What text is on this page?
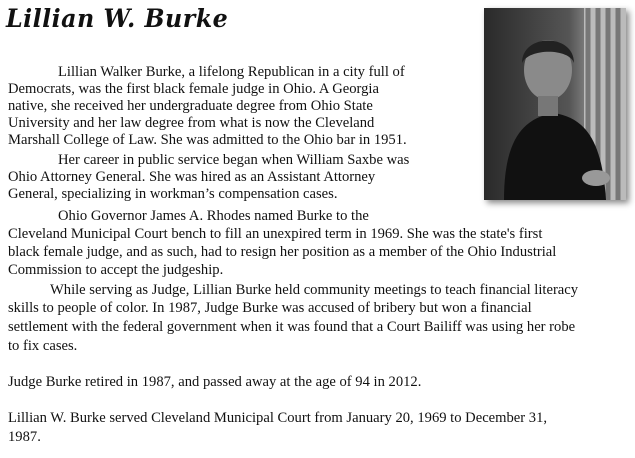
Lillian W. Burke
Lillian Walker Burke, a lifelong Republican in a city full of
Democrats, was the first black female judge in Ohio. A Georgia
native, she received her undergraduate degree from Ohio State
University and her law degree from what is now the Cleveland
Marshall College of Law. She was admitted to the Ohio bar in 1951.
Her career in public service began when William Saxbe was
Ohio Attorney General. She was hired as an Assistant Attorney
General, specializing in workman’s compensation cases.
Ohio Governor James A. Rhodes named Burke to the
Cleveland Municipal Court bench to fill an unexpired term in 1969. She was the state's first
black female judge, and as such, had to resign her position as a member of the Ohio Industrial
Commission to accept the judgeship.
While serving as Judge, Lillian Burke held community meetings to teach financial literacy
skills to people of color. In 1987, Judge Burke was accused of bribery but won a financial
settlement with the federal government when it was found that a Court Bailiff was using her robe
to fix cases.
Judge Burke retired in 1987, and passed away at the age of 94 in 2012.
Lillian W. Burke served Cleveland Municipal Court from January 20, 1969 to December 31,
1987.
